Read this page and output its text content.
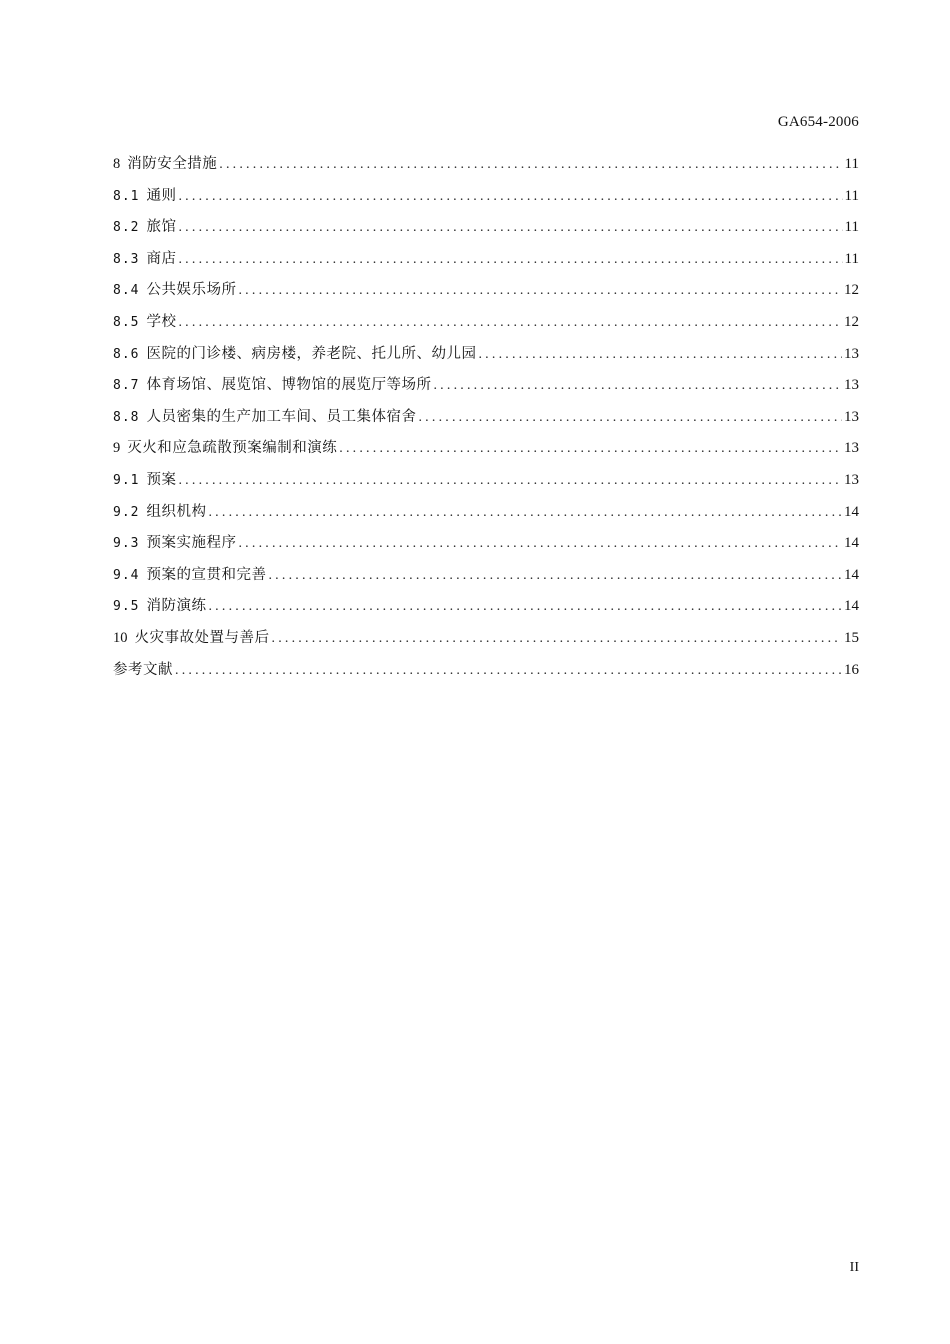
GA654-2006
8 消防安全措施 .....	11
8.1 通则 .....	11
8.2 旅馆 .....	11
8.3 商店 .....	11
8.4 公共娱乐场所 .....	12
8.5 学校 .....	12
8.6 医院的门诊楼、病房楼，养老院、托儿所、幼儿园 .....	13
8.7 体育场馆、展览馆、博物馆的展览厅等场所 .....	13
8.8 人员密集的生产加工车间、员工集体宿舍 .....	13
9 灭火和应急疏散预案编制和演练 .....	13
9.1 预案 .....	13
9.2 组织机构 .....	14
9.3 预案实施程序 .....	14
9.4 预案的宣贯和完善 .....	14
9.5 消防演练 .....	14
10 火灾事故处置与善后 .....	15
参考文献 .....	16
II
